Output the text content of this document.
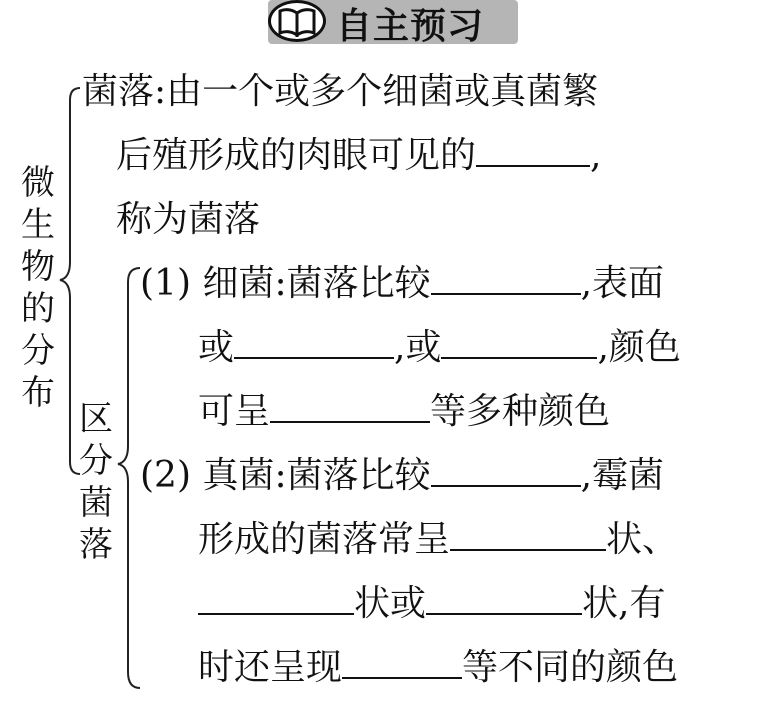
自主预习
微
生
物
的
分
布
区
分
菌
落
菌落:由一个或多个细菌或真菌繁
后殖形成的肉眼可见的	,
称为菌落
(1) 细菌:菌落比较	,表面
或	,或	,颜色
可呈	等多种颜色
(2) 真菌:菌落比较	,霉菌
形成的菌落常呈	状、
状或	状,有
时还呈现	等不同的颜色
